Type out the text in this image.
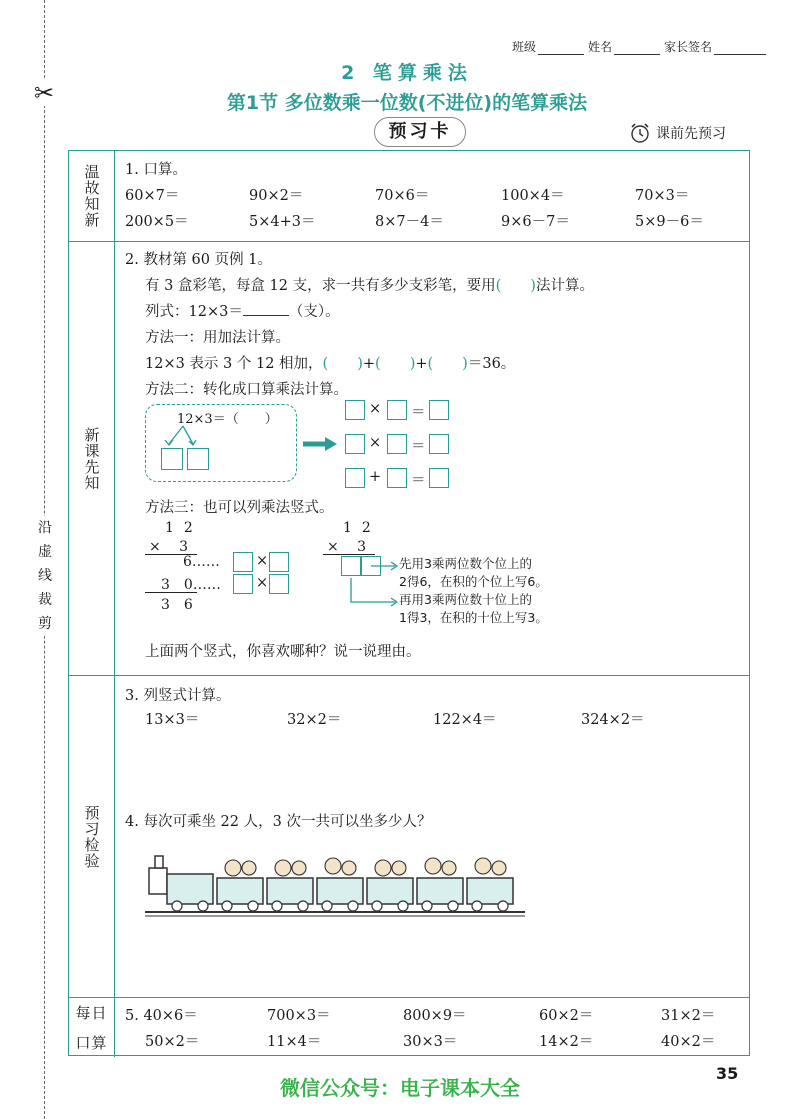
✂
沿虚线裁剪
班级	姓名	家长签名
2 笔算乘法
第1节 多位数乘一位数(不进位)的笔算乘法
预习卡	课前先预习
温故知新 1. 口算。
60×7＝	90×2＝	70×6＝	100×4＝	70×3＝
200×5＝	5×4+3＝	8×7－4＝	9×6－7＝	5×9－6＝
新课先知
2. 教材第 60 页例 1。
有 3 盒彩笔，每盒 12 支，求一共有多少支彩笔，要用(　　)法计算。
列式：12×3＝	（支）。
方法一：用加法计算。
12×3 表示 3 个 12 相加，(　　)+(　　)+(　　)＝36。
方法二：转化成口算乘法计算。
12×3＝（　　）
× ＝
× ＝
+ ＝
方法三：也可以列乘法竖式。
12
×　 3
6……
3　0……
3　6
×
×
12
×　 3
先用3乘两位数个位上的
2得6，在积的个位上写6。
再用3乘两位数十位上的
1得3，在积的十位上写3。
上面两个竖式，你喜欢哪种？说一说理由。
预习检验
3. 列竖式计算。
13×3＝	32×2＝	122×4＝	324×2＝
4. 每次可乘坐 22 人，3 次一共可以坐多少人？
每日
口算
5. 40×6＝	700×3＝	800×9＝	60×2＝	31×2＝
50×2＝	11×4＝	30×3＝	14×2＝	40×2＝
35
微信公众号：电子课本大全
